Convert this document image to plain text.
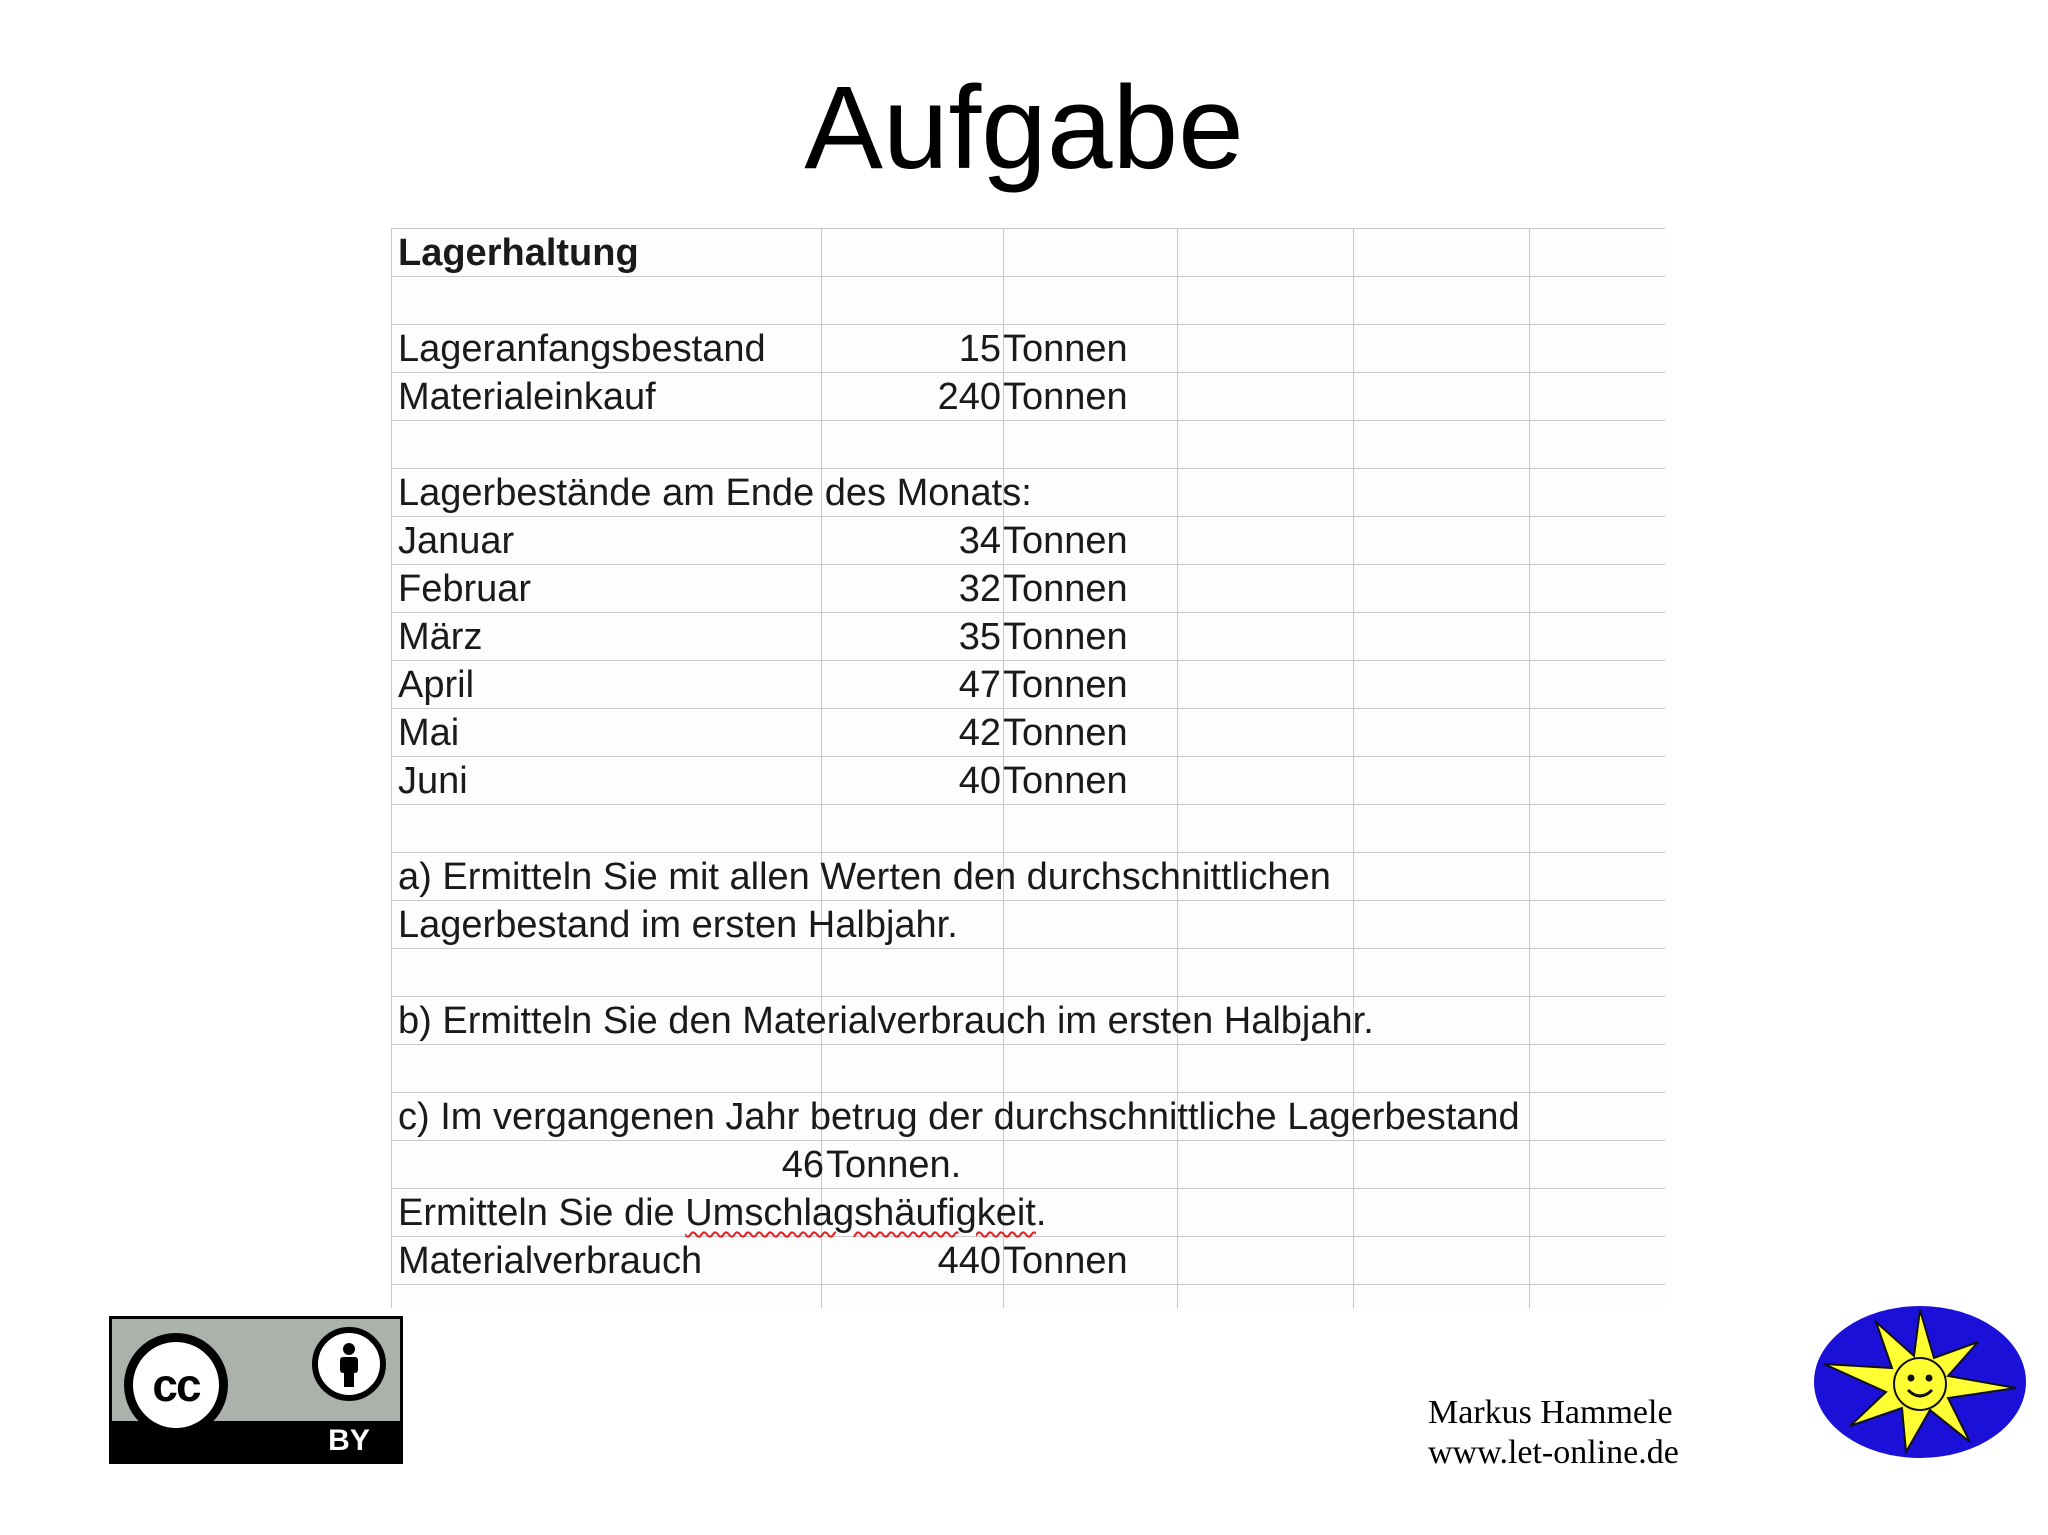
Aufgabe
Lagerhaltung
Lageranfangsbestand	15 Tonnen
Materialeinkauf	240 Tonnen
Lagerbestände am Ende des Monats:
Januar	34 Tonnen
Februar	32 Tonnen
März	35 Tonnen
April	47 Tonnen
Mai	42 Tonnen
Juni	40 Tonnen
a) Ermitteln Sie mit allen Werten den durchschnittlichen
Lagerbestand im ersten Halbjahr.
b) Ermitteln Sie den Materialverbrauch im ersten Halbjahr.
c) Im vergangenen Jahr betrug der durchschnittliche Lagerbestand
46 Tonnen.
Ermitteln Sie die Umschlagshäufigkeit.
Materialverbrauch	440 Tonnen
cc
BY
Markus Hammele
www.let-online.de
